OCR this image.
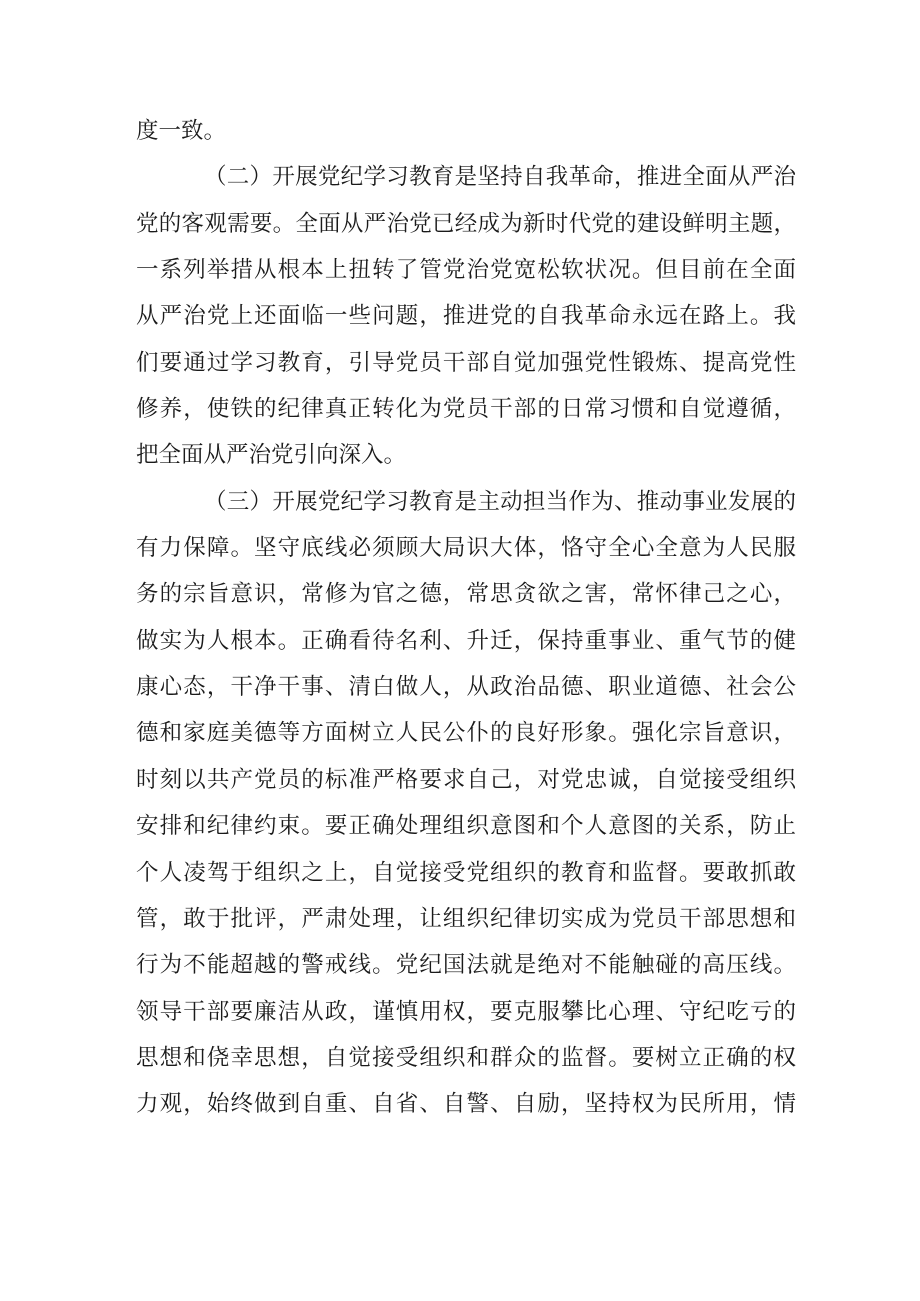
度一致。
（二）开展党纪学习教育是坚持自我革命，推进全面从严治
党的客观需要。全面从严治党已经成为新时代党的建设鲜明主题，
一系列举措从根本上扭转了管党治党宽松软状况。但目前在全面
从严治党上还面临一些问题，推进党的自我革命永远在路上。我
们要通过学习教育，引导党员干部自觉加强党性锻炼、提高党性
修养，使铁的纪律真正转化为党员干部的日常习惯和自觉遵循，
把全面从严治党引向深入。
（三）开展党纪学习教育是主动担当作为、推动事业发展的
有力保障。坚守底线必须顾大局识大体，恪守全心全意为人民服
务的宗旨意识，常修为官之德，常思贪欲之害，常怀律己之心，
做实为人根本。正确看待名利、升迁，保持重事业、重气节的健
康心态，干净干事、清白做人，从政治品德、职业道德、社会公
德和家庭美德等方面树立人民公仆的良好形象。强化宗旨意识，
时刻以共产党员的标准严格要求自己，对党忠诚，自觉接受组织
安排和纪律约束。要正确处理组织意图和个人意图的关系，防止
个人凌驾于组织之上，自觉接受党组织的教育和监督。要敢抓敢
管，敢于批评，严肃处理，让组织纪律切实成为党员干部思想和
行为不能超越的警戒线。党纪国法就是绝对不能触碰的高压线。
领导干部要廉洁从政，谨慎用权，要克服攀比心理、守纪吃亏的
思想和侥幸思想，自觉接受组织和群众的监督。要树立正确的权
力观，始终做到自重、自省、自警、自励，坚持权为民所用，情
